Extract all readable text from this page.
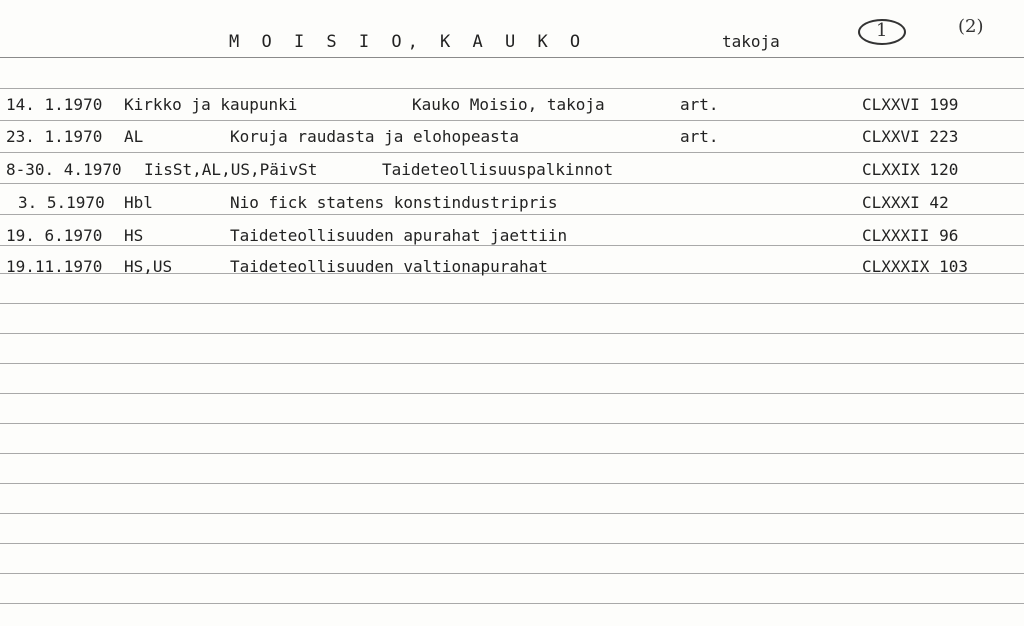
M O I S I O, K A U K O	takoja
1	(2)
14. 1.1970 Kirkko ja kaupunki	Kauko Moisio, takoja	art.	CLXXVI 199
23. 1.1970 AL	Koruja raudasta ja elohopeasta	art.	CLXXVI 223
8-30. 4.1970 IisSt,AL,US,PäivSt	Taideteollisuuspalkinnot	CLXXIX 120
3. 5.1970 Hbl	Nio fick statens konstindustripris	CLXXXI 42
19. 6.1970 HS	Taideteollisuuden apurahat jaettiin	CLXXXII 96
19.11.1970 HS,US	Taideteollisuuden valtionapurahat	CLXXXIX 103
